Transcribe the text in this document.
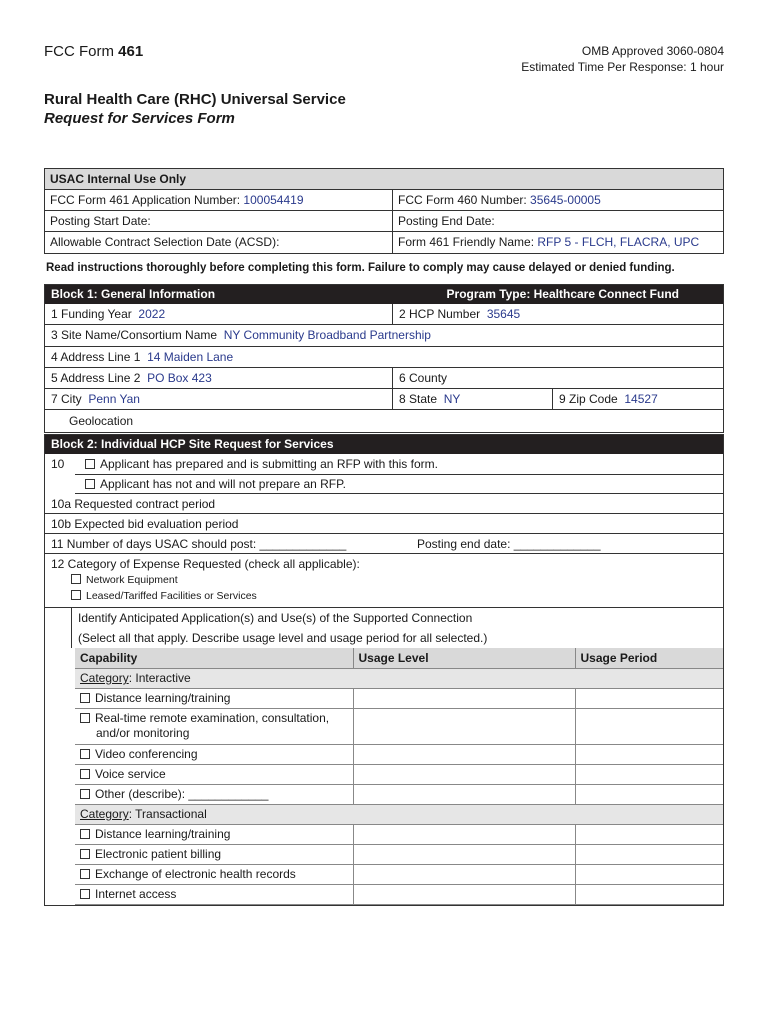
FCC Form 461	OMB Approved 3060-0804
Estimated Time Per Response: 1 hour
Rural Health Care (RHC) Universal Service
Request for Services Form
USAC Internal Use Only
FCC Form 461 Application Number: 100054419	FCC Form 460 Number: 35645-00005
Posting Start Date:	Posting End Date:
Allowable Contract Selection Date (ACSD):	Form 461 Friendly Name: RFP 5 - FLCH, FLACRA, UPC
Read instructions thoroughly before completing this form. Failure to comply may cause delayed or denied funding.
Block 1: General Information	Program Type: Healthcare Connect Fund
1 Funding Year 2022	2 HCP Number 35645
3 Site Name/Consortium Name NY Community Broadband Partnership
4 Address Line 1 14 Maiden Lane
5 Address Line 2 PO Box 423	6 County
7 City Penn Yan	8 State NY	9 Zip Code 14527
Geolocation
Block 2: Individual HCP Site Request for Services
10	Applicant has prepared and is submitting an RFP with this form.
Applicant has not and will not prepare an RFP.
10a Requested contract period
10b Expected bid evaluation period
11 Number of days USAC should post: _____________	Posting end date: _____________
12 Category of Expense Requested (check all applicable):
Network Equipment
Leased/Tariffed Facilities or Services
Identify Anticipated Application(s) and Use(s) of the Supported Connection
(Select all that apply. Describe usage level and usage period for all selected.)
Capability	Usage Level	Usage Period
Category: Interactive		
Distance learning/training		
Real-time remote examination, consultation,
and/or monitoring		
Video conferencing		
Voice service		
Other (describe): ____________		
Category: Transactional		
Distance learning/training		
Electronic patient billing		
Exchange of electronic health records		
Internet access		
